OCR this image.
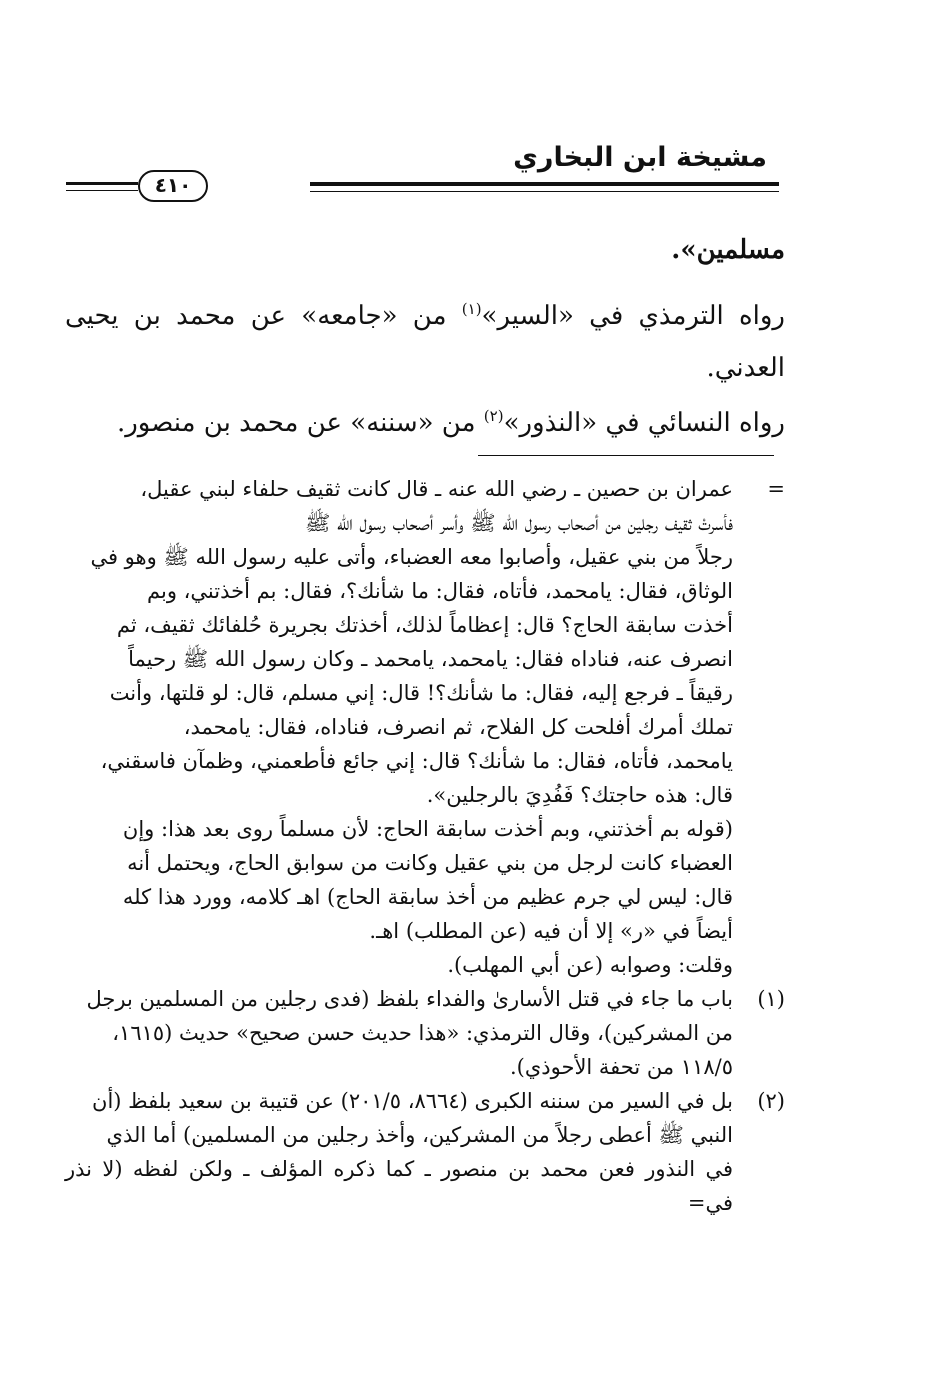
مشيخة ابن البخاري
٤١٠
مسلمين».
رواه الترمذي في «السير»$^{(١)}$ من «جامعه» عن محمد بن يحيى
العدني.
رواه النسائي في «النذور»$^{(٢)}$ من «سننه» عن محمد بن منصور.
=
عمران بن حصين ـ رضي الله عنه ـ قال كانت ثقيف حلفاء لبني عقيل،
فأسرتْ ثقيف رجلين من أصحاب رسول الله ﷺ وأسر أصحاب رسول الله ﷺ
رجلاً من بني عقيل، وأصابوا معه العضباء، وأتى عليه رسول الله ﷺ وهو في
الوثاق، فقال: يامحمد، فأتاه، فقال: ما شأنك؟، فقال: بم أخذتني، وبم
أخذت سابقة الحاج؟ قال: إعظاماً لذلك، أخذتك بجريرة حُلفائك ثقيف، ثم
انصرف عنه، فناداه فقال: يامحمد، يامحمد ـ وكان رسول الله ﷺ رحيماً
رقيقاً ـ فرجع إليه، فقال: ما شأنك؟! قال: إني مسلم، قال: لو قلتها، وأنت
تملك أمرك أفلحت كل الفلاح، ثم انصرف، فناداه، فقال: يامحمد،
يامحمد، فأتاه، فقال: ما شأنك؟ قال: إني جائع فأطعمني، وظمآن فاسقني،
قال: هذه حاجتك؟ فَفُدِيَ بالرجلين».
(قوله بم أخذتني، وبم أخذت سابقة الحاج: لأن مسلماً روى بعد هذا: وإن
العضباء كانت لرجل من بني عقيل وكانت من سوابق الحاج، ويحتمل أنه
قال: ليس لي جرم عظيم من أخذ سابقة الحاج) اهـ كلامه، وورد هذا كله
أيضاً في «ر» إلا أن فيه (عن المطلب) اهـ.
وقلت: وصوابه (عن أبي المهلب).
(١)
باب ما جاء في قتل الأسارىٰ والفداء بلفظ (فدى رجلين من المسلمين برجل
من المشركين)، وقال الترمذي: «هذا حديث حسن صحيح» حديث (١٦١٥،
١١٨/٥ من تحفة الأحوذي).
(٢)
بل في السير من سننه الكبرى (٨٦٦٤، ٢٠١/٥) عن قتيبة بن سعيد بلفظ (أن
النبي ﷺ أعطى رجلاً من المشركين، وأخذ رجلين من المسلمين) أما الذي
في النذور فعن محمد بن منصور ـ كما ذكره المؤلف ـ ولكن لفظه (لا نذر في=
